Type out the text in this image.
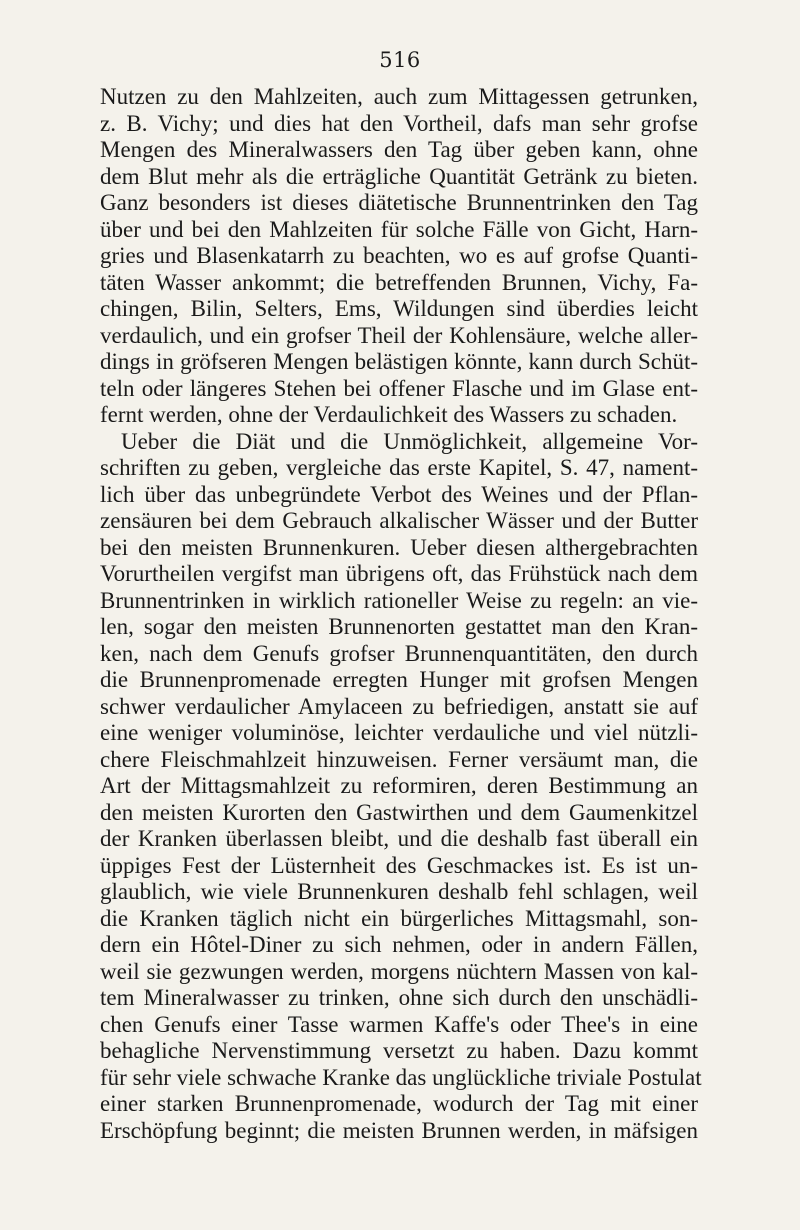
516
Nutzen zu den Mahlzeiten, auch zum Mittagessen getrunken,
z. B. Vichy; und dies hat den Vortheil, dafs man sehr grofse
Mengen des Mineralwassers den Tag über geben kann, ohne
dem Blut mehr als die erträgliche Quantität Getränk zu bieten.
Ganz besonders ist dieses diätetische Brunnentrinken den Tag
über und bei den Mahlzeiten für solche Fälle von Gicht, Harn-
gries und Blasenkatarrh zu beachten, wo es auf grofse Quanti-
täten Wasser ankommt; die betreffenden Brunnen, Vichy, Fa-
chingen, Bilin, Selters, Ems, Wildungen sind überdies leicht
verdaulich, und ein grofser Theil der Kohlensäure, welche aller-
dings in gröfseren Mengen belästigen könnte, kann durch Schüt-
teln oder längeres Stehen bei offener Flasche und im Glase ent-
fernt werden, ohne der Verdaulichkeit des Wassers zu schaden.
Ueber die Diät und die Unmöglichkeit, allgemeine Vor-
schriften zu geben, vergleiche das erste Kapitel, S. 47, nament-
lich über das unbegründete Verbot des Weines und der Pflan-
zensäuren bei dem Gebrauch alkalischer Wässer und der Butter
bei den meisten Brunnenkuren. Ueber diesen althergebrachten
Vorurtheilen vergifst man übrigens oft, das Frühstück nach dem
Brunnentrinken in wirklich rationeller Weise zu regeln: an vie-
len, sogar den meisten Brunnenorten gestattet man den Kran-
ken, nach dem Genufs grofser Brunnenquantitäten, den durch
die Brunnenpromenade erregten Hunger mit grofsen Mengen
schwer verdaulicher Amylaceen zu befriedigen, anstatt sie auf
eine weniger voluminöse, leichter verdauliche und viel nützli-
chere Fleischmahlzeit hinzuweisen. Ferner versäumt man, die
Art der Mittagsmahlzeit zu reformiren, deren Bestimmung an
den meisten Kurorten den Gastwirthen und dem Gaumenkitzel
der Kranken überlassen bleibt, und die deshalb fast überall ein
üppiges Fest der Lüsternheit des Geschmackes ist. Es ist un-
glaublich, wie viele Brunnenkuren deshalb fehl schlagen, weil
die Kranken täglich nicht ein bürgerliches Mittagsmahl, son-
dern ein Hôtel-Diner zu sich nehmen, oder in andern Fällen,
weil sie gezwungen werden, morgens nüchtern Massen von kal-
tem Mineralwasser zu trinken, ohne sich durch den unschädli-
chen Genufs einer Tasse warmen Kaffe's oder Thee's in eine
behagliche Nervenstimmung versetzt zu haben. Dazu kommt
für sehr viele schwache Kranke das unglückliche triviale Postulat
einer starken Brunnenpromenade, wodurch der Tag mit einer
Erschöpfung beginnt; die meisten Brunnen werden, in mäfsigen
